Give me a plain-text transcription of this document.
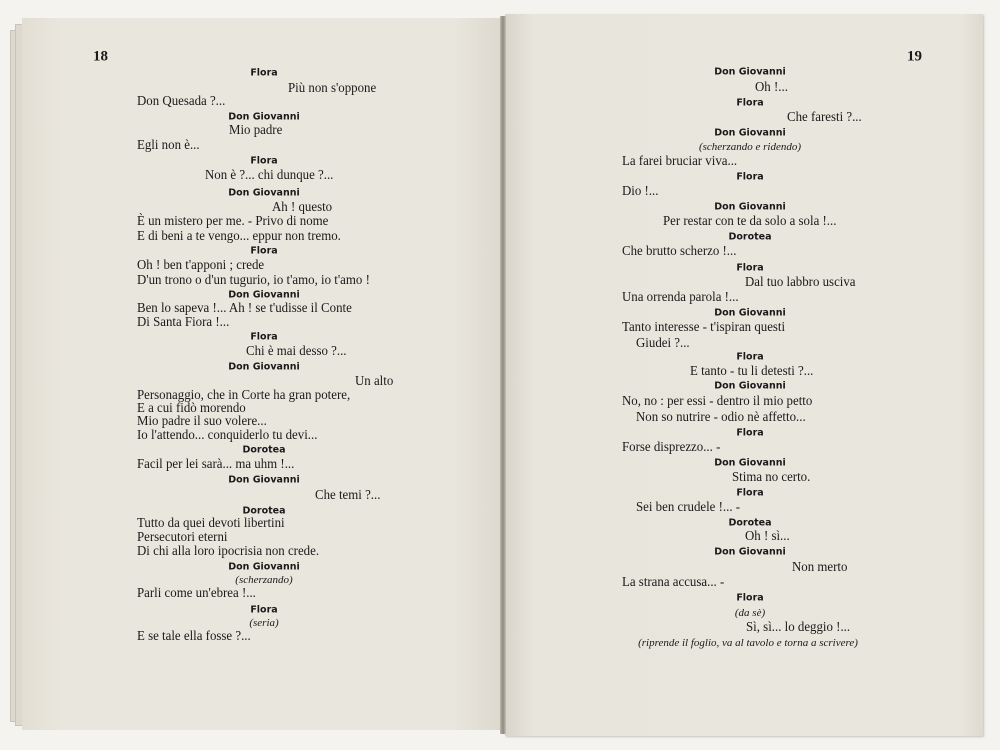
18	19
Flora
Più non s'oppone
Don Quesada ?...
Don Giovanni
Mio padre
Egli non è...
Flora
Non è ?... chi dunque ?...
Don Giovanni
Ah ! questo
È un mistero per me. - Privo di nome
E di beni a te vengo... eppur non tremo.
Flora
Oh ! ben t'apponi ; crede
D'un trono o d'un tugurio, io t'amo, io t'amo !
Don Giovanni
Ben lo sapeva !... Ah ! se t'udisse il Conte
Di Santa Fiora !...
Flora
Chi è mai desso ?...
Don Giovanni
Un alto
Personaggio, che in Corte ha gran potere,
E a cui fidò morendo
Mio padre il suo volere...
Io l'attendo... conquiderlo tu devi...
Dorotea
Facil per lei sarà... ma uhm !...
Don Giovanni
Che temi ?...
Dorotea
Tutto da quei devoti libertini
Persecutori eterni
Di chi alla loro ipocrisia non crede.
Don Giovanni
(scherzando)
Parli come un'ebrea !...
Flora
(seria)
E se tale ella fosse ?...
Don Giovanni
Oh !...
Flora
Che faresti ?...
Don Giovanni
(scherzando e ridendo)
La farei bruciar viva...
Flora
Dio !...
Don Giovanni
Per restar con te da solo a sola !...
Dorotea
Che brutto scherzo !...
Flora
Dal tuo labbro usciva
Una orrenda parola !...
Don Giovanni
Tanto interesse - t'ispiran questi
Giudei ?...
Flora
E tanto - tu li detesti ?...
Don Giovanni
No, no : per essi - dentro il mio petto
Non so nutrire - odio nè affetto...
Flora
Forse disprezzo... -
Don Giovanni
Stima no certo.
Flora
Sei ben crudele !... -
Dorotea
Oh ! sì...
Don Giovanni
Non merto
La strana accusa... -
Flora
(da sè)
Sì, sì... lo deggio !...
(riprende il foglio, va al tavolo e torna a scrivere)
